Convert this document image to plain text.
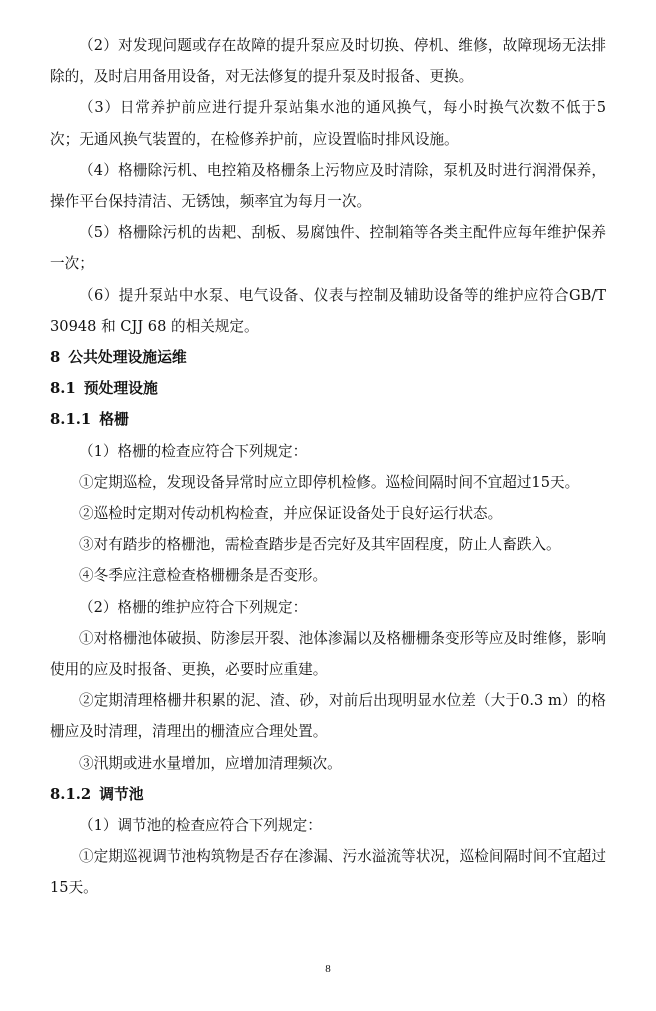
（2）对发现问题或存在故障的提升泵应及时切换、停机、维修，故障现场无法排除的，及时启用备用设备，对无法修复的提升泵及时报备、更换。
（3）日常养护前应进行提升泵站集水池的通风换气，每小时换气次数不低于5次；无通风换气装置的，在检修养护前，应设置临时排风设施。
（4）格栅除污机、电控箱及格栅条上污物应及时清除，泵机及时进行润滑保养，操作平台保持清洁、无锈蚀，频率宜为每月一次。
（5）格栅除污机的齿耙、刮板、易腐蚀件、控制箱等各类主配件应每年维护保养一次；
（6）提升泵站中水泵、电气设备、仪表与控制及辅助设备等的维护应符合GB/T 30948 和 CJJ 68 的相关规定。
8 公共处理设施运维
8.1 预处理设施
8.1.1 格栅
（1）格栅的检查应符合下列规定：
①定期巡检，发现设备异常时应立即停机检修。巡检间隔时间不宜超过15天。
②巡检时定期对传动机构检查，并应保证设备处于良好运行状态。
③对有踏步的格栅池，需检查踏步是否完好及其牢固程度，防止人畜跌入。
④冬季应注意检查格栅栅条是否变形。
（2）格栅的维护应符合下列规定：
①对格栅池体破损、防渗层开裂、池体渗漏以及格栅栅条变形等应及时维修，影响使用的应及时报备、更换，必要时应重建。
②定期清理格栅井积累的泥、渣、砂，对前后出现明显水位差（大于0.3 m）的格栅应及时清理，清理出的栅渣应合理处置。
③汛期或进水量增加，应增加清理频次。
8.1.2 调节池
（1）调节池的检查应符合下列规定：
①定期巡视调节池构筑物是否存在渗漏、污水溢流等状况，巡检间隔时间不宜超过15天。
8
